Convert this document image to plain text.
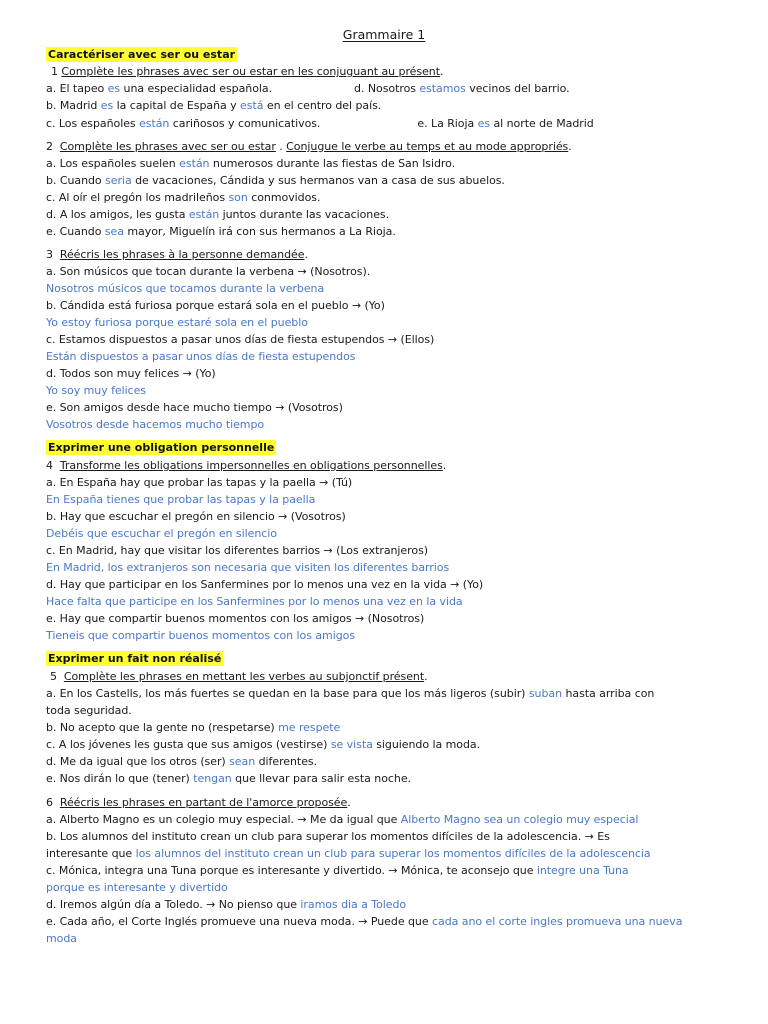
Grammaire 1
Caractériser avec ser ou estar
1 Complète les phrases avec ser ou estar en les conjuguant au présent.
a. El tapeo es una especialidad española.	d. Nosotros estamos vecinos del barrio.
b. Madrid es la capital de España y está en el centro del país.
c. Los españoles están cariñosos y comunicativos.	e. La Rioja es al norte de Madrid
2 Complète les phrases avec ser ou estar . Conjugue le verbe au temps et au mode appropriés.
a. Los españoles suelen están numerosos durante las fiestas de San Isidro.
b. Cuando seria de vacaciones, Cándida y sus hermanos van a casa de sus abuelos.
c. Al oír el pregón los madrileños son conmovidos.
d. A los amigos, les gusta están juntos durante las vacaciones.
e. Cuando sea mayor, Miguelín irá con sus hermanos a La Rioja.
3 Réécris les phrases à la personne demandée.
a. Son músicos que tocan durante la verbena → (Nosotros).
Nosotros músicos que tocamos durante la verbena
b. Cándida está furiosa porque estará sola en el pueblo → (Yo)
Yo estoy furiosa porque estaré sola en el pueblo
c. Estamos dispuestos a pasar unos días de fiesta estupendos → (Ellos)
Están dispuestos a pasar unos días de fiesta estupendos
d. Todos son muy felices → (Yo)
Yo soy muy felices
e. Son amigos desde hace mucho tiempo → (Vosotros)
Vosotros desde hacemos mucho tiempo
Exprimer une obligation personnelle
4 Transforme les obligations impersonnelles en obligations personnelles.
a. En España hay que probar las tapas y la paella → (Tú)
En España tienes que probar las tapas y la paella
b. Hay que escuchar el pregón en silencio → (Vosotros)
Debéis que escuchar el pregón en silencio
c. En Madrid, hay que visitar los diferentes barrios → (Los extranjeros)
En Madrid, los extranjeros son necesaria que visiten los diferentes barrios
d. Hay que participar en los Sanfermines por lo menos una vez en la vida → (Yo)
Hace falta que participe en los Sanfermines por lo menos una vez en la vida
e. Hay que compartir buenos momentos con los amigos → (Nosotros)
Tieneis que compartir buenos momentos con los amigos
Exprimer un fait non réalisé
5 Complète les phrases en mettant les verbes au subjonctif présent.
a. En los Castells, los más fuertes se quedan en la base para que los más ligeros (subir) suban hasta arriba con
toda seguridad.
b. No acepto que la gente no (respetarse) me respete
c. A los jóvenes les gusta que sus amigos (vestirse) se vista siguiendo la moda.
d. Me da igual que los otros (ser) sean diferentes.
e. Nos dirán lo que (tener) tengan que llevar para salir esta noche.
6 Réécris les phrases en partant de l'amorce proposée.
a. Alberto Magno es un colegio muy especial. → Me da igual que Alberto Magno sea un colegio muy especial
b. Los alumnos del instituto crean un club para superar los momentos difíciles de la adolescencia. → Es
interesante que los alumnos del instituto crean un club para superar los momentos difíciles de la adolescencia
c. Mónica, integra una Tuna porque es interesante y divertido. → Mónica, te aconsejo que integre una Tuna
porque es interesante y divertido
d. Iremos algún día a Toledo. → No pienso que iramos dia a Toledo
e. Cada año, el Corte Inglés promueve una nueva moda. → Puede que cada ano el corte ingles promueva una nueva
moda
